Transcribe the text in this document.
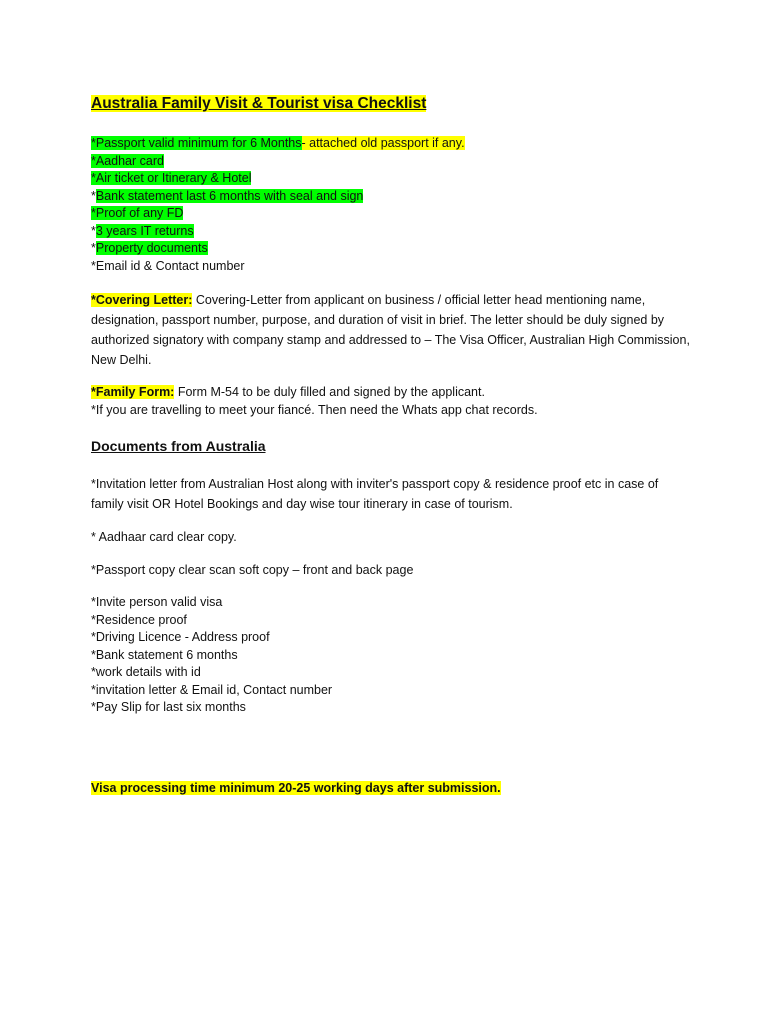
Australia Family Visit & Tourist visa Checklist
*Passport valid minimum for 6 Months- attached old passport if any.
*Aadhar card
*Air ticket or Itinerary & Hotel
*Bank statement last 6 months with seal and sign
*Proof of any FD
*3 years IT returns
*Property documents
*Email id & Contact number
*Covering Letter: Covering-Letter from applicant on business / official letter head mentioning name, designation, passport number, purpose, and duration of visit in brief. The letter should be duly signed by authorized signatory with company stamp and addressed to – The Visa Officer, Australian High Commission, New Delhi.
*Family Form: Form M-54 to be duly filled and signed by the applicant.
*If you are travelling to meet your fiancé. Then need the Whats app chat records.
Documents from Australia
*Invitation letter from Australian Host along with inviter's passport copy & residence proof etc in case of family visit OR Hotel Bookings and day wise tour itinerary in case of tourism.
* Aadhaar card clear copy.
*Passport copy clear scan soft copy – front and back page
*Invite person valid visa
*Residence proof
*Driving Licence - Address proof
*Bank statement 6 months
*work details with id
*invitation letter & Email id, Contact number
*Pay Slip for last six months
Visa processing time minimum 20-25 working days after submission.
